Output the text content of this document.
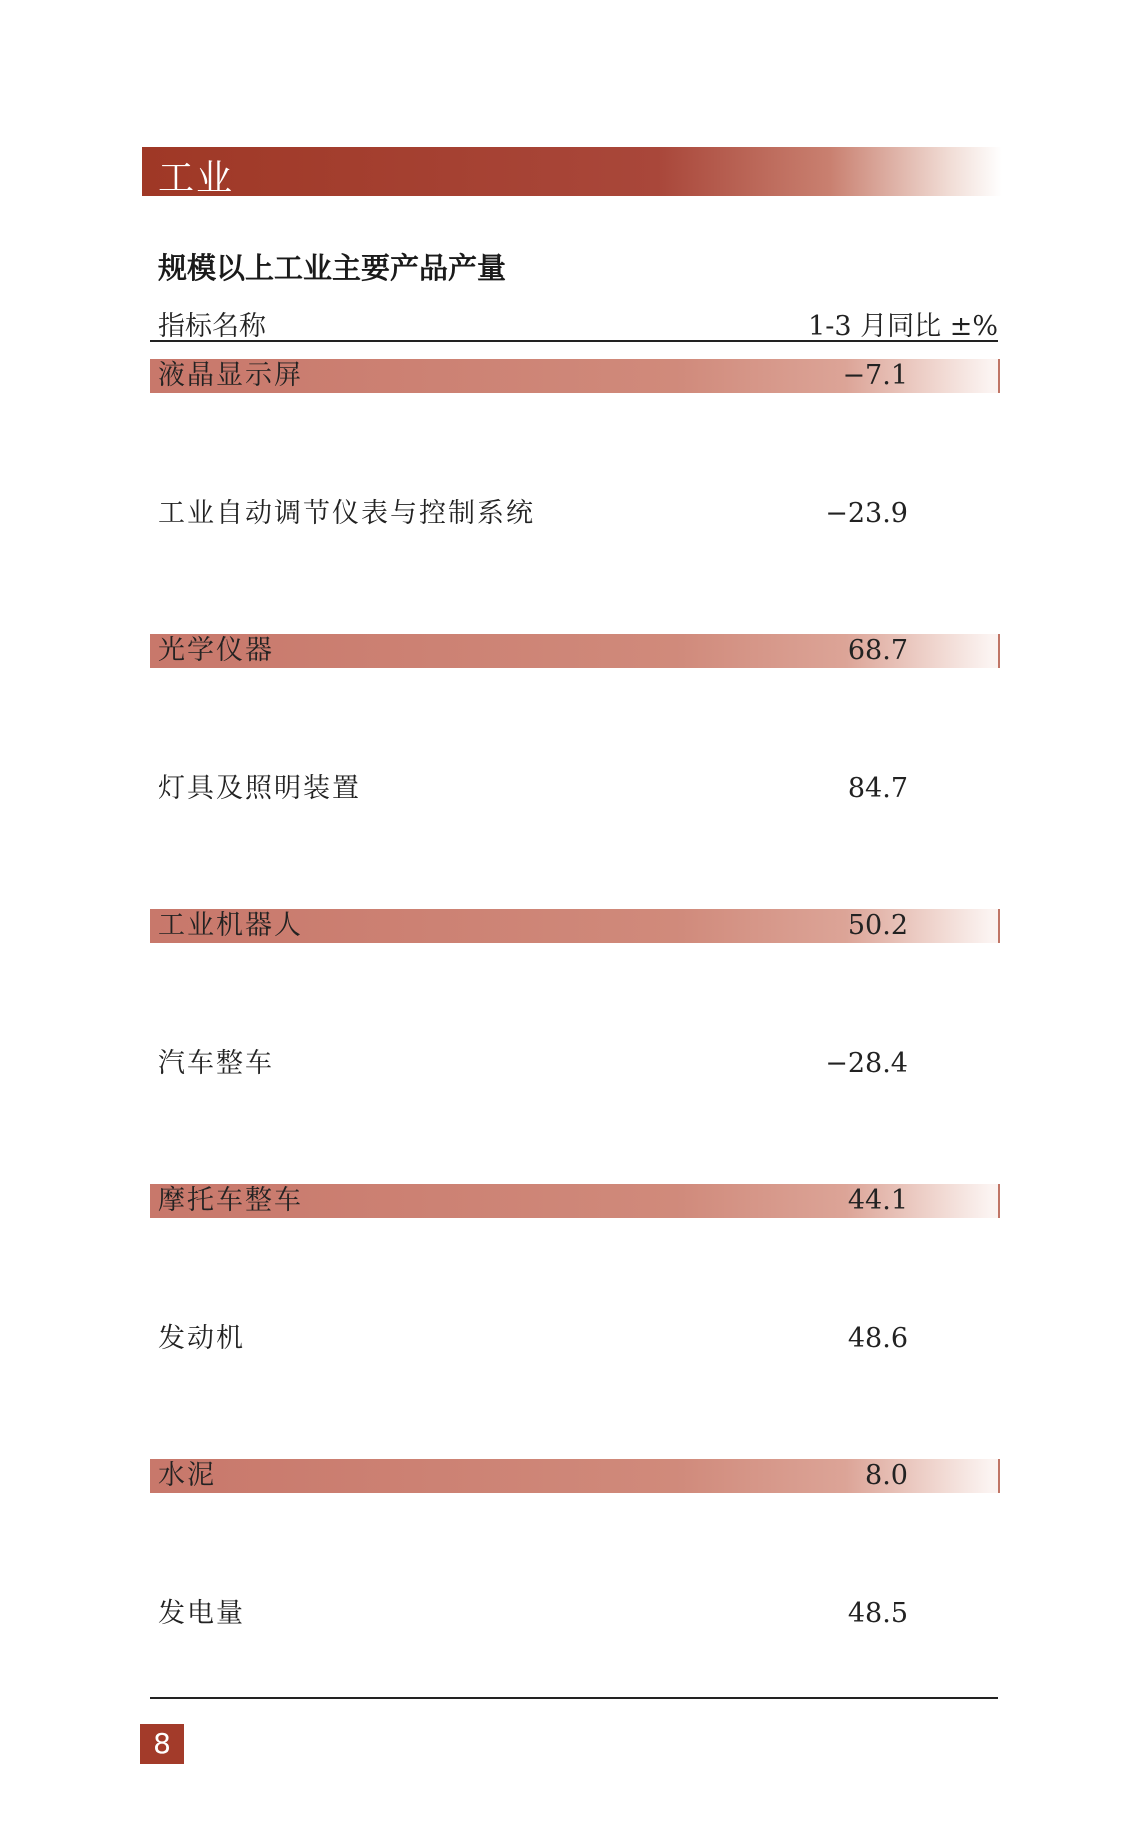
工业
规模以上工业主要产品产量
指标名称	1-3 月同比 ±%
液晶显示屏	−7.1
工业自动调节仪表与控制系统	−23.9
光学仪器	68.7
灯具及照明装置	84.7
工业机器人	50.2
汽车整车	−28.4
摩托车整车	44.1
发动机	48.6
水泥	8.0
发电量	48.5
8
